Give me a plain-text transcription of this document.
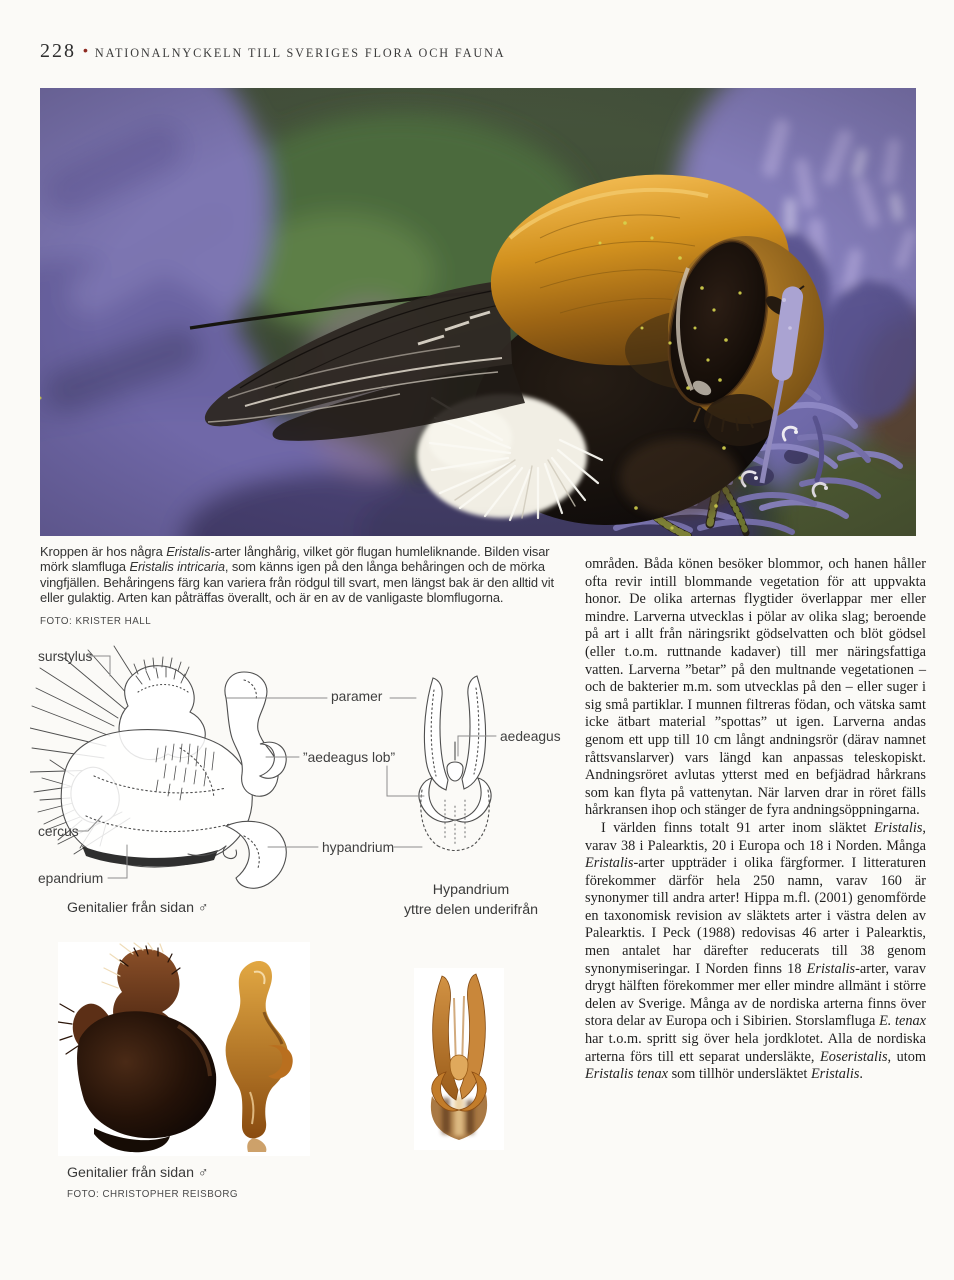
228 • NATIONALNYCKELN TILL SVERIGES FLORA OCH FAUNA

Kroppen är hos några Eristalis-arter långhårig, vilket gör flugan humleliknande. Bilden visar mörk slamfluga Eristalis intricaria, som känns igen på den långa behåringen och de mörka vingfjällen. Behåringens färg kan variera från rödgul till svart, men längst bak är den alltid vit eller gulaktig. Arten kan påträffas överallt, och är en av de vanligaste blomflugorna.

FOTO: KRISTER HALL
surstylus
paramer
”aedeagus lob”
aedeagus
cercus
hypandrium
epandrium
Genitalier från sidan ♂
Hypandrium
yttre delen underifrån
Genitalier från sidan ♂
FOTO: CHRISTOPHER REISBORG

områden. Båda könen besöker blommor, och hanen håller ofta revir intill blommande vegetation för att uppvakta honor. De olika arternas flygtider överlappar mer eller mindre. Larverna utvecklas i pölar av olika slag; beroende på art i allt från näringsrikt gödselvatten och blöt gödsel (eller t.o.m. ruttnande kadaver) till mer näringsfattiga vatten. Larverna ”betar” på den multnande vegetationen – och de bakterier m.m. som utvecklas på den – eller suger i sig små partiklar. I munnen filtreras födan, och vätska samt icke ätbart material ”spottas” ut igen. Larverna andas genom ett upp till 10 cm långt andningsrör (därav namnet råttsvanslarver) vars längd kan anpassas teleskopiskt. Andningsröret avlutas ytterst med en befjädrad hårkrans som kan flyta på vattenytan. När larven drar in röret fälls hårkransen ihop och stänger de fyra andningsöppningarna.

I världen finns totalt 91 arter inom släktet Eristalis, varav 38 i Palearktis, 20 i Europa och 18 i Norden. Många Eristalis-arter uppträder i olika färgformer. I litteraturen förekommer därför hela 250 namn, varav 160 är synonymer till andra arter! Hippa m.fl. (2001) genomförde en taxonomisk revision av släktets arter i västra delen av Palearktis. I Peck (1988) redovisas 46 arter i Palearktis, men antalet har därefter reducerats till 38 genom synonymiseringar. I Norden finns 18 Eristalis-arter, varav drygt hälften förekommer mer eller mindre allmänt i större delen av Sverige. Många av de nordiska arterna finns över stora delar av Europa och i Sibirien. Storslamfluga E. tenax har t.o.m. spritt sig över hela jordklotet. Alla de nordiska arterna förs till ett separat undersläkte, Eoseristalis, utom Eristalis tenax som tillhör undersläktet Eristalis.
